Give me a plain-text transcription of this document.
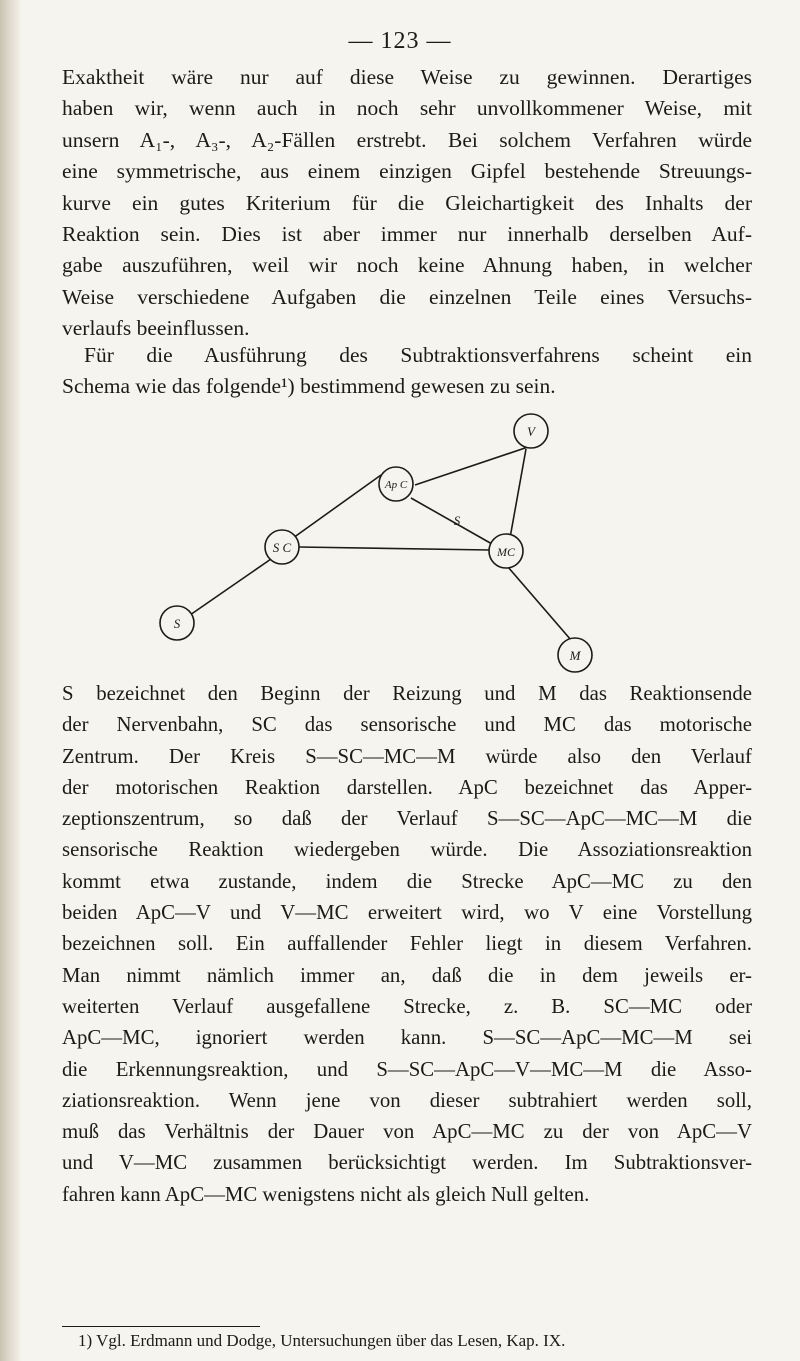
— 123 —
Exaktheit wäre nur auf diese Weise zu gewinnen. Derartiges
haben wir, wenn auch in noch sehr unvollkommener Weise, mit
unsern A₁-, A₃-, A₂-Fällen erstrebt. Bei solchem Verfahren würde
eine symmetrische, aus einem einzigen Gipfel bestehende Streuungs-
kurve ein gutes Kriterium für die Gleichartigkeit des Inhalts der
Reaktion sein. Dies ist aber immer nur innerhalb derselben Auf-
gabe auszuführen, weil wir noch keine Ahnung haben, in welcher
Weise verschiedene Aufgaben die einzelnen Teile eines Versuchs-
verlaufs beeinflussen.
Für die Ausführung des Subtraktionsverfahrens scheint ein
Schema wie das folgende¹) bestimmend gewesen zu sein.
V
Ap C
S C	MC
S
M
S
S bezeichnet den Beginn der Reizung und M das Reaktionsende
der Nervenbahn, SC das sensorische und MC das motorische
Zentrum. Der Kreis S—SC—MC—M würde also den Verlauf
der motorischen Reaktion darstellen. ApC bezeichnet das Apper-
zeptionszentrum, so daß der Verlauf S—SC—ApC—MC—M die
sensorische Reaktion wiedergeben würde. Die Assoziationsreaktion
kommt etwa zustande, indem die Strecke ApC—MC zu den
beiden ApC—V und V—MC erweitert wird, wo V eine Vorstellung
bezeichnen soll. Ein auffallender Fehler liegt in diesem Verfahren.
Man nimmt nämlich immer an, daß die in dem jeweils er-
weiterten Verlauf ausgefallene Strecke, z. B. SC—MC oder
ApC—MC, ignoriert werden kann. S—SC—ApC—MC—M sei
die Erkennungsreaktion, und S—SC—ApC—V—MC—M die Asso-
ziationsreaktion. Wenn jene von dieser subtrahiert werden soll,
muß das Verhältnis der Dauer von ApC—MC zu der von ApC—V
und V—MC zusammen berücksichtigt werden. Im Subtraktionsver-
fahren kann ApC—MC wenigstens nicht als gleich Null gelten.
1) Vgl. Erdmann und Dodge, Untersuchungen über das Lesen, Kap. IX.
